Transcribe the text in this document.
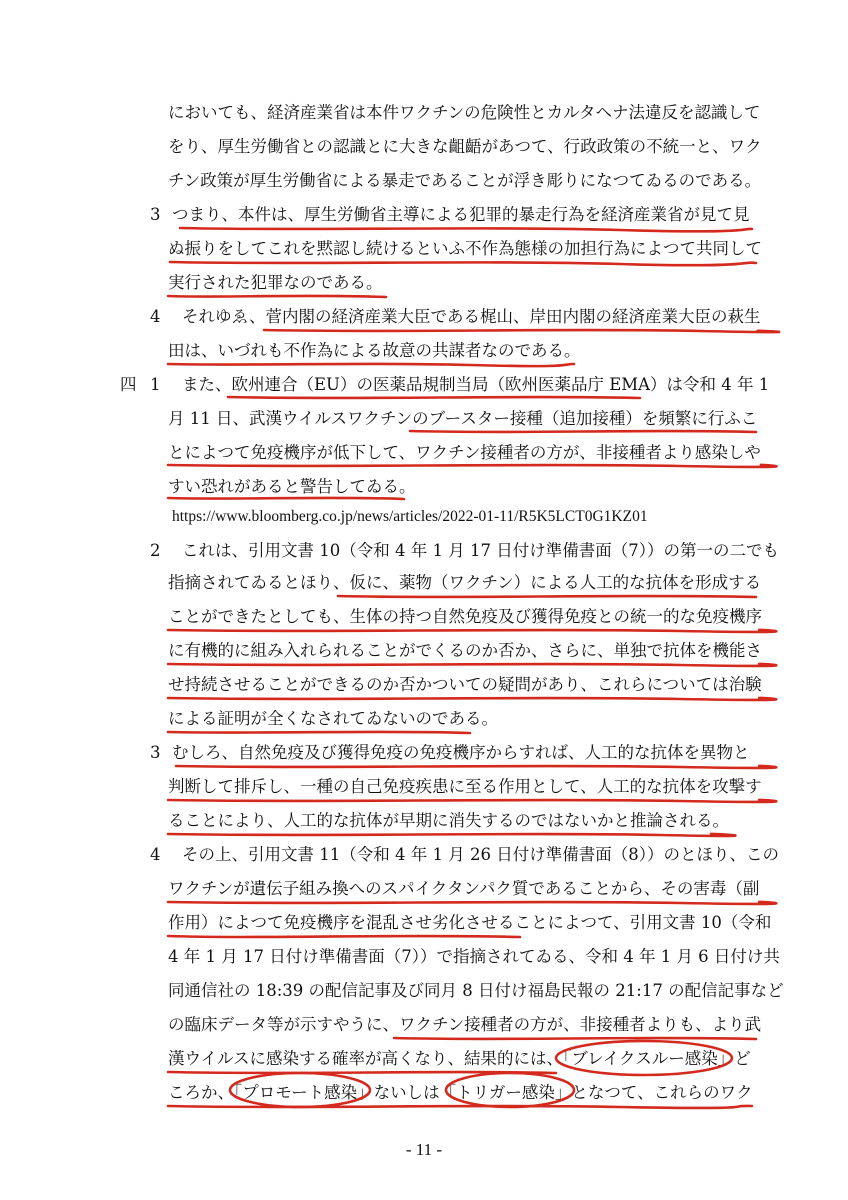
3
4
四 1
2
3
4
においても、経済産業省は本件ワクチンの危険性とカルタヘナ法違反を認識して
をり、厚生労働省との認識とに大きな齟齬があつて、行政政策の不統一と、ワク
チン政策が厚生労働省による暴走であることが浮き彫りになつてゐるのである。
つまり、本件は、厚生労働省主導による犯罪的暴走行為を経済産業省が見て見
ぬ振りをしてこれを黙認し続けるといふ不作為態様の加担行為によつて共同して
実行された犯罪なのである。
それゆゑ、菅内閣の経済産業大臣である梶山、岸田内閣の経済産業大臣の萩生
田は、いづれも不作為による故意の共謀者なのである。
また、欧州連合（EU）の医薬品規制当局（欧州医薬品庁 EMA）は令和 4 年 1
月 11 日、武漢ウイルスワクチンのブースター接種（追加接種）を頻繁に行ふこ
とによつて免疫機序が低下して、ワクチン接種者の方が、非接種者より感染しや
すい恐れがあると警告してゐる。
https://www.bloomberg.co.jp/news/articles/2022-01-11/R5K5LCT0G1KZ01
これは、引用文書 10（令和 4 年 1 月 17 日付け準備書面（7））の第一の二でも
指摘されてゐるとほり、仮に、薬物（ワクチン）による人工的な抗体を形成する
ことができたとしても、生体の持つ自然免疫及び獲得免疫との統一的な免疫機序
に有機的に組み入れられることがでくるのか否か、さらに、単独で抗体を機能さ
せ持続させることができるのか否かついての疑問があり、これらについては治験
による証明が全くなされてゐないのである。
むしろ、自然免疫及び獲得免疫の免疫機序からすれば、人工的な抗体を異物と
判断して排斥し、一種の自己免疫疾患に至る作用として、人工的な抗体を攻撃す
ることにより、人工的な抗体が早期に消失するのではないかと推論される。
その上、引用文書 11（令和 4 年 1 月 26 日付け準備書面（8））のとほり、この
ワクチンが遺伝子組み換へのスパイクタンパク質であることから、その害毒（副
作用）によつて免疫機序を混乱させ劣化させることによつて、引用文書 10（令和
4 年 1 月 17 日付け準備書面（7））で指摘されてゐる、令和 4 年 1 月 6 日付け共
同通信社の 18:39 の配信記事及び同月 8 日付け福島民報の 21:17 の配信記事など
の臨床データ等が示すやうに、ワクチン接種者の方が、非接種者よりも、より武
漢ウイルスに感染する確率が高くなり、結果的には、「ブレイクスルー感染」ど
ころか、「プロモート感染」ないしは「トリガー感染」となつて、これらのワク
- 11 -
